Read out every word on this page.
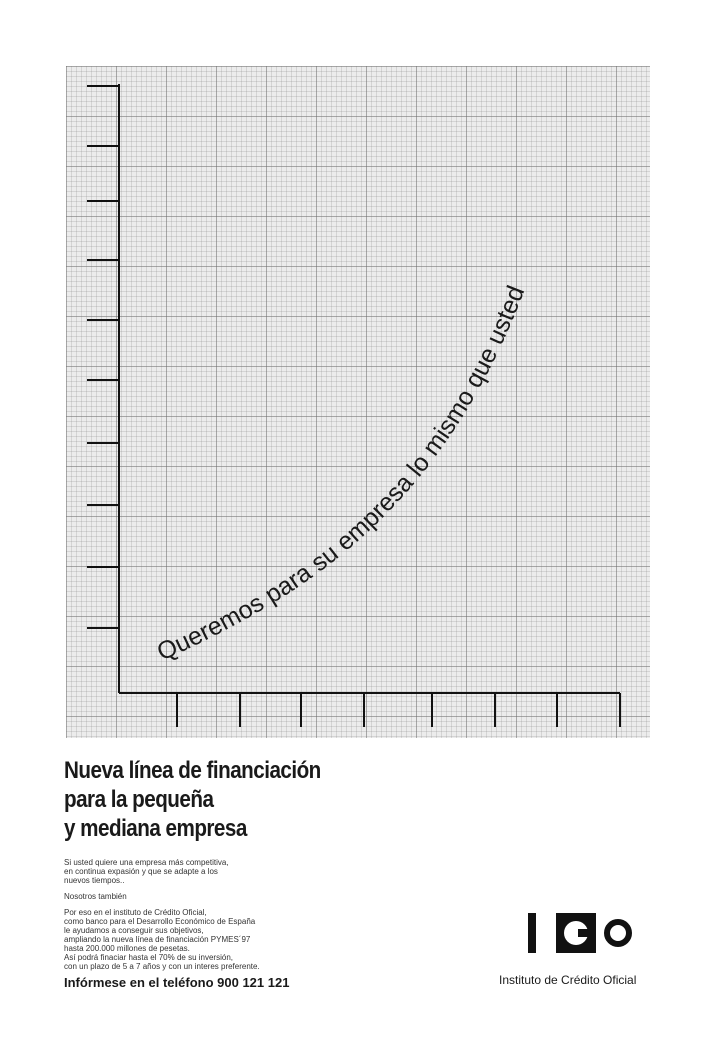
Queremos para su empresa lo mismo que usted
Nueva línea de financiación
para la pequeña
y mediana empresa
Si usted quiere una empresa más competitiva,
en continua expasión y que se adapte a los
nuevos tiempos..
Nosotros también
Por eso en el instituto de Crédito Oficial,
como banco para el Desarrollo Económico de España
le ayudamos a conseguir sus objetivos,
ampliando la nueva línea de financiación PYMES´97
hasta 200.000 millones de pesetas.
Así podrá finaciar hasta el 70% de su inversión,
con un plazo de 5 a 7 años y con un interes preferente.
Infórmese en el teléfono 900 121 121	Instituto de Crédito Oficial
